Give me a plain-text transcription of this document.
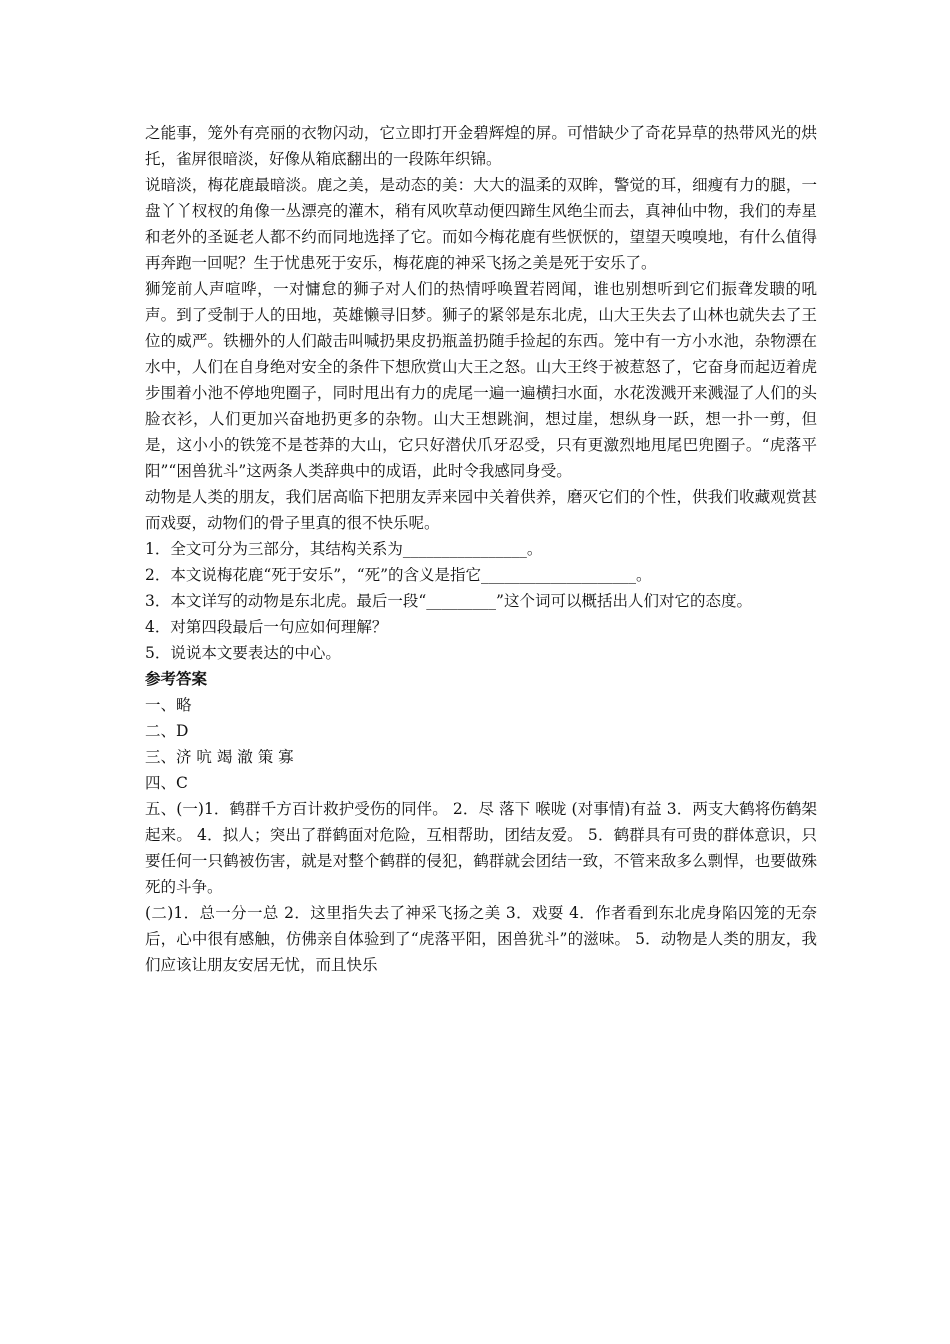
之能事，笼外有亮丽的衣物闪动，它立即打开金碧辉煌的屏。可惜缺少了奇花异草的热带风光的烘托，雀屏很暗淡，好像从箱底翻出的一段陈年织锦。

说暗淡，梅花鹿最暗淡。鹿之美，是动态的美：大大的温柔的双眸，警觉的耳，细瘦有力的腿，一盘丫丫杈杈的角像一丛漂亮的灌木，稍有风吹草动便四蹄生风绝尘而去，真神仙中物，我们的寿星和老外的圣诞老人都不约而同地选择了它。而如今梅花鹿有些恹恹的，望望天嗅嗅地，有什么值得再奔跑一回呢？生于忧患死于安乐，梅花鹿的神采飞扬之美是死于安乐了。

狮笼前人声喧哗，一对慵怠的狮子对人们的热情呼唤置若罔闻，谁也别想听到它们振聋发聩的吼声。到了受制于人的田地，英雄懒寻旧梦。狮子的紧邻是东北虎，山大王失去了山林也就失去了王位的威严。铁栅外的人们敲击叫喊扔果皮扔瓶盖扔随手捡起的东西。笼中有一方小水池，杂物漂在水中，人们在自身绝对安全的条件下想欣赏山大王之怒。山大王终于被惹怒了，它奋身而起迈着虎步围着小池不停地兜圈子，同时甩出有力的虎尾一遍一遍横扫水面，水花泼溅开来溅湿了人们的头脸衣衫，人们更加兴奋地扔更多的杂物。山大王想跳涧，想过崖，想纵身一跃，想一扑一剪，但是，这小小的铁笼不是苍莽的大山，它只好潜伏爪牙忍受，只有更激烈地甩尾巴兜圈子。“虎落平阳”“困兽犹斗”这两条人类辞典中的成语，此时令我感同身受。

动物是人类的朋友，我们居高临下把朋友弄来园中关着供养，磨灭它们的个性，供我们收藏观赏甚而戏耍，动物们的骨子里真的很不快乐呢。

1．全文可分为三部分，其结构关系为________________。

2．本文说梅花鹿“死于安乐”，“死”的含义是指它____________________。

3．本文详写的动物是东北虎。最后一段“_________”这个词可以概括出人们对它的态度。

4．对第四段最后一句应如何理解？

5．说说本文要表达的中心。

参考答案

一、略

二、D

三、济 吭 竭 澈 策 寡

四、C

五、(一)1．鹤群千方百计救护受伤的同伴。 2．尽 落下 喉咙 (对事情)有益 3．两支大鹤将伤鹤架起来。 4．拟人；突出了群鹤面对危险，互相帮助，团结友爱。 5．鹤群具有可贵的群体意识，只要任何一只鹤被伤害，就是对整个鹤群的侵犯，鹤群就会团结一致，不管来敌多么剽悍，也要做殊死的斗争。

(二)1．总一分一总 2．这里指失去了神采飞扬之美 3．戏耍 4．作者看到东北虎身陷囚笼的无奈后，心中很有感触，仿佛亲自体验到了“虎落平阳，困兽犹斗”的滋味。 5．动物是人类的朋友，我们应该让朋友安居无忧，而且快乐
